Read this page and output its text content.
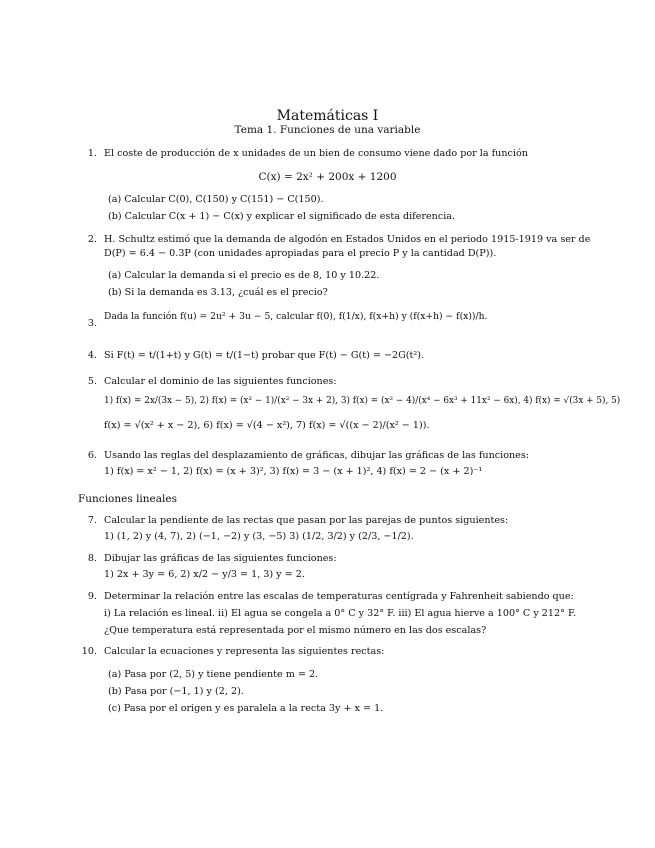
Matemáticas I
Tema 1. Funciones de una variable
1. El coste de producción de x unidades de un bien de consumo viene dado por la función
C(x) = 2x² + 200x + 1200
(a) Calcular C(0), C(150) y C(151) − C(150).
(b) Calcular C(x + 1) − C(x) y explicar el significado de esta diferencia.
2. H. Schultz estimó que la demanda de algodón en Estados Unidos en el periodo 1915-1919 va ser de
D(P) = 6.4 − 0.3P (con unidades apropiadas para el precio P y la cantidad D(P)).
(a) Calcular la demanda si el precio es de 8, 10 y 10.22.
(b) Si la demanda es 3.13, ¿cuál es el precio?
3.
Dada la función f(u) = 2u² + 3u − 5, calcular f(0), f(1/x), f(x+h) y (f(x+h) − f(x))/h.
4. Si F(t) = t/(1+t) y G(t) = t/(1−t) probar que F(t) − G(t) = −2G(t²).
5. Calcular el dominio de las siguientes funciones:
1) f(x) = 2x/(3x − 5), 2) f(x) = (x² − 1)/(x² − 3x + 2), 3) f(x) = (x² − 4)/(x⁴ − 6x³ + 11x² − 6x), 4) f(x) = √(3x + 5), 5)
f(x) = √(x² + x − 2), 6) f(x) = √(4 − x²), 7) f(x) = √((x − 2)/(x² − 1)).
6. Usando las reglas del desplazamiento de gráficas, dibujar las gráficas de las funciones:
1) f(x) = x² − 1, 2) f(x) = (x + 3)², 3) f(x) = 3 − (x + 1)², 4) f(x) = 2 − (x + 2)⁻¹
Funciones lineales
7. Calcular la pendiente de las rectas que pasan por las parejas de puntos siguientes:
1) (1, 2) y (4, 7), 2) (−1, −2) y (3, −5) 3) (1/2, 3/2) y (2/3, −1/2).
8. Dibujar las gráficas de las siguientes funciones:
1) 2x + 3y = 6, 2) x/2 − y/3 = 1, 3) y = 2.
9. Determinar la relación entre las escalas de temperaturas centígrada y Fahrenheit sabiendo que:
i) La relación es lineal. ii) El agua se congela a 0° C y 32° F. iii) El agua hierve a 100° C y 212° F.
¿Que temperatura está representada por el mismo número en las dos escalas?
10. Calcular la ecuaciones y representa las siguientes rectas:
(a) Pasa por (2, 5) y tiene pendiente m = 2.
(b) Pasa por (−1, 1) y (2, 2).
(c) Pasa por el origen y es paralela a la recta 3y + x = 1.
